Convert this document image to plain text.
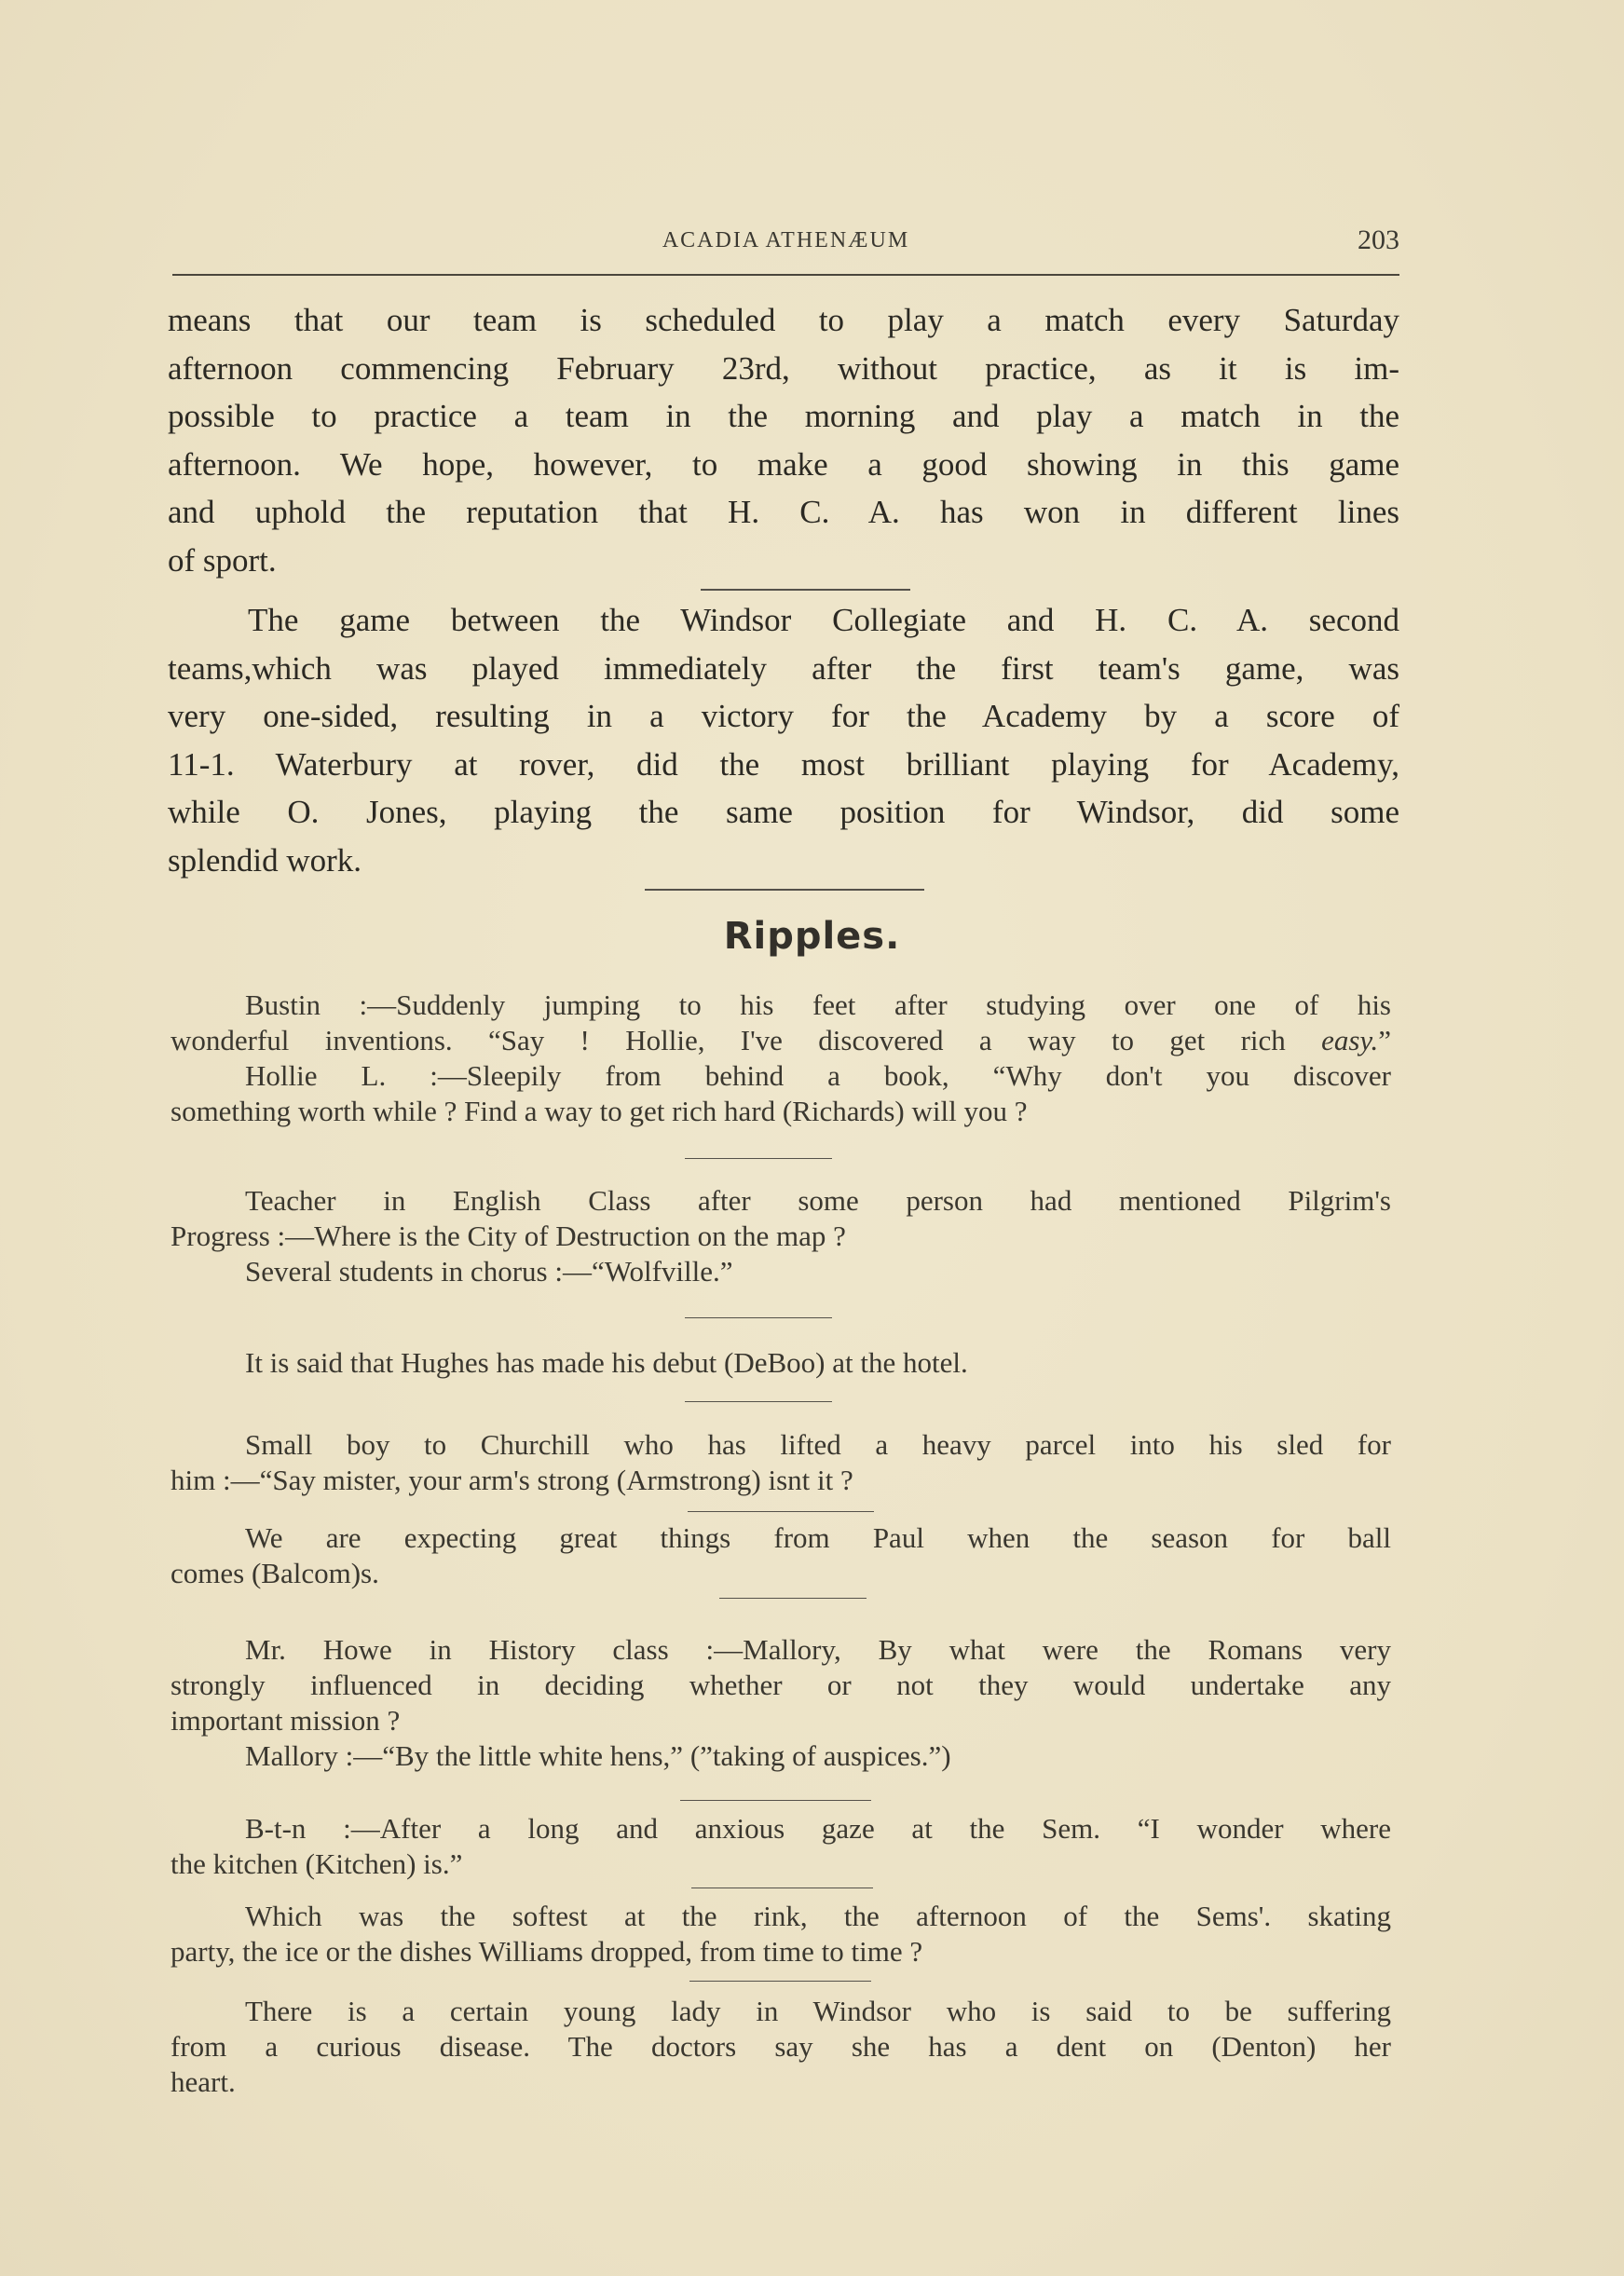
ACADIA ATHENÆUM	203
means that our team is scheduled to play a match every Saturday
afternoon commencing February 23rd, without practice, as it is im-
possible to practice a team in the morning and play a match in the
afternoon. We hope, however, to make a good showing in this game
and uphold the reputation that H. C. A. has won in different lines
of sport.
The game between the Windsor Collegiate and H. C. A. second
teams,which was played immediately after the first team's game, was
very one-sided, resulting in a victory for the Academy by a score of
11-1. Waterbury at rover, did the most brilliant playing for Academy,
while O. Jones, playing the same position for Windsor, did some
splendid work.
Ripples.
Bustin :—Suddenly jumping to his feet after studying over one of his
wonderful inventions. “Say ! Hollie, I've discovered a way to get rich easy.”
Hollie L. :—Sleepily from behind a book, “Why don't you discover
something worth while ? Find a way to get rich hard (Richards) will you ?
Teacher in English Class after some person had mentioned Pilgrim's
Progress :—Where is the City of Destruction on the map ?
Several students in chorus :—“Wolfville.”
It is said that Hughes has made his debut (DeBoo) at the hotel.
Small boy to Churchill who has lifted a heavy parcel into his sled for
him :—“Say mister, your arm's strong (Armstrong) isnt it ?
We are expecting great things from Paul when the season for ball
comes (Balcom)s.
Mr. Howe in History class :—Mallory, By what were the Romans very
strongly influenced in deciding whether or not they would undertake any
important mission ?
Mallory :—“By the little white hens,” (”taking of auspices.”)
B-t-n :—After a long and anxious gaze at the Sem. “I wonder where
the kitchen (Kitchen) is.”
Which was the softest at the rink, the afternoon of the Sems'. skating
party, the ice or the dishes Williams dropped, from time to time ?
There is a certain young lady in Windsor who is said to be suffering
from a curious disease. The doctors say she has a dent on (Denton) her
heart.
